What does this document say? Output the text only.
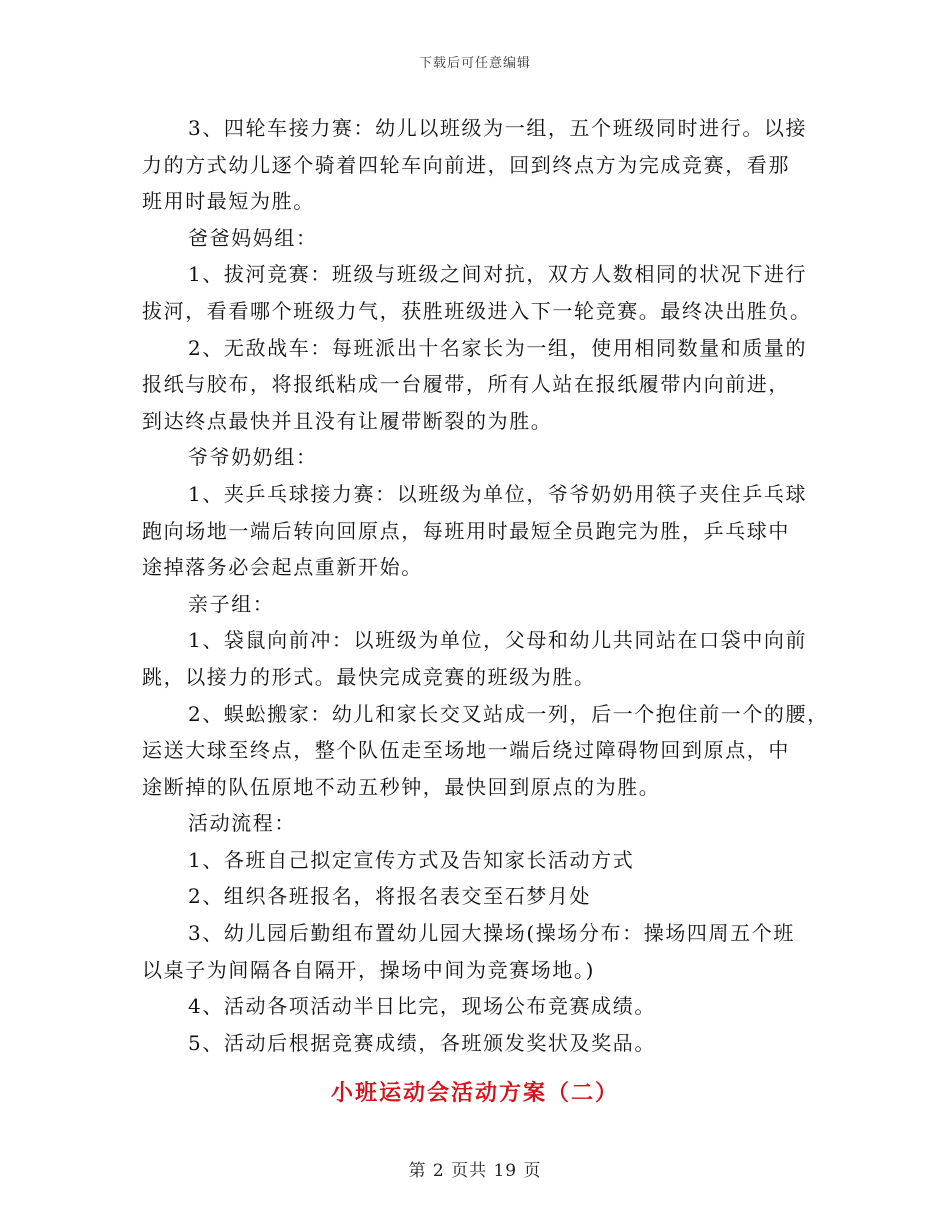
下载后可任意编辑
3、四轮车接力赛：幼儿以班级为一组，五个班级同时进行。以接
力的方式幼儿逐个骑着四轮车向前进，回到终点方为完成竞赛，看那
班用时最短为胜。
爸爸妈妈组：
1、拔河竞赛：班级与班级之间对抗，双方人数相同的状况下进行
拔河，看看哪个班级力气，获胜班级进入下一轮竞赛。最终决出胜负。
2、无敌战车：每班派出十名家长为一组，使用相同数量和质量的
报纸与胶布，将报纸粘成一台履带，所有人站在报纸履带内向前进，
到达终点最快并且没有让履带断裂的为胜。
爷爷奶奶组：
1、夹乒乓球接力赛：以班级为单位，爷爷奶奶用筷子夹住乒乓球
跑向场地一端后转向回原点，每班用时最短全员跑完为胜，乒乓球中
途掉落务必会起点重新开始。
亲子组：
1、袋鼠向前冲：以班级为单位，父母和幼儿共同站在口袋中向前
跳，以接力的形式。最快完成竞赛的班级为胜。
2、蜈蚣搬家：幼儿和家长交叉站成一列，后一个抱住前一个的腰，
运送大球至终点，整个队伍走至场地一端后绕过障碍物回到原点，中
途断掉的队伍原地不动五秒钟，最快回到原点的为胜。
活动流程：
1、各班自己拟定宣传方式及告知家长活动方式
2、组织各班报名，将报名表交至石梦月处
3、幼儿园后勤组布置幼儿园大操场(操场分布：操场四周五个班
以桌子为间隔各自隔开，操场中间为竞赛场地。)
4、活动各项活动半日比完，现场公布竞赛成绩。
5、活动后根据竞赛成绩，各班颁发奖状及奖品。
小班运动会活动方案（二）
第 2 页共 19 页
